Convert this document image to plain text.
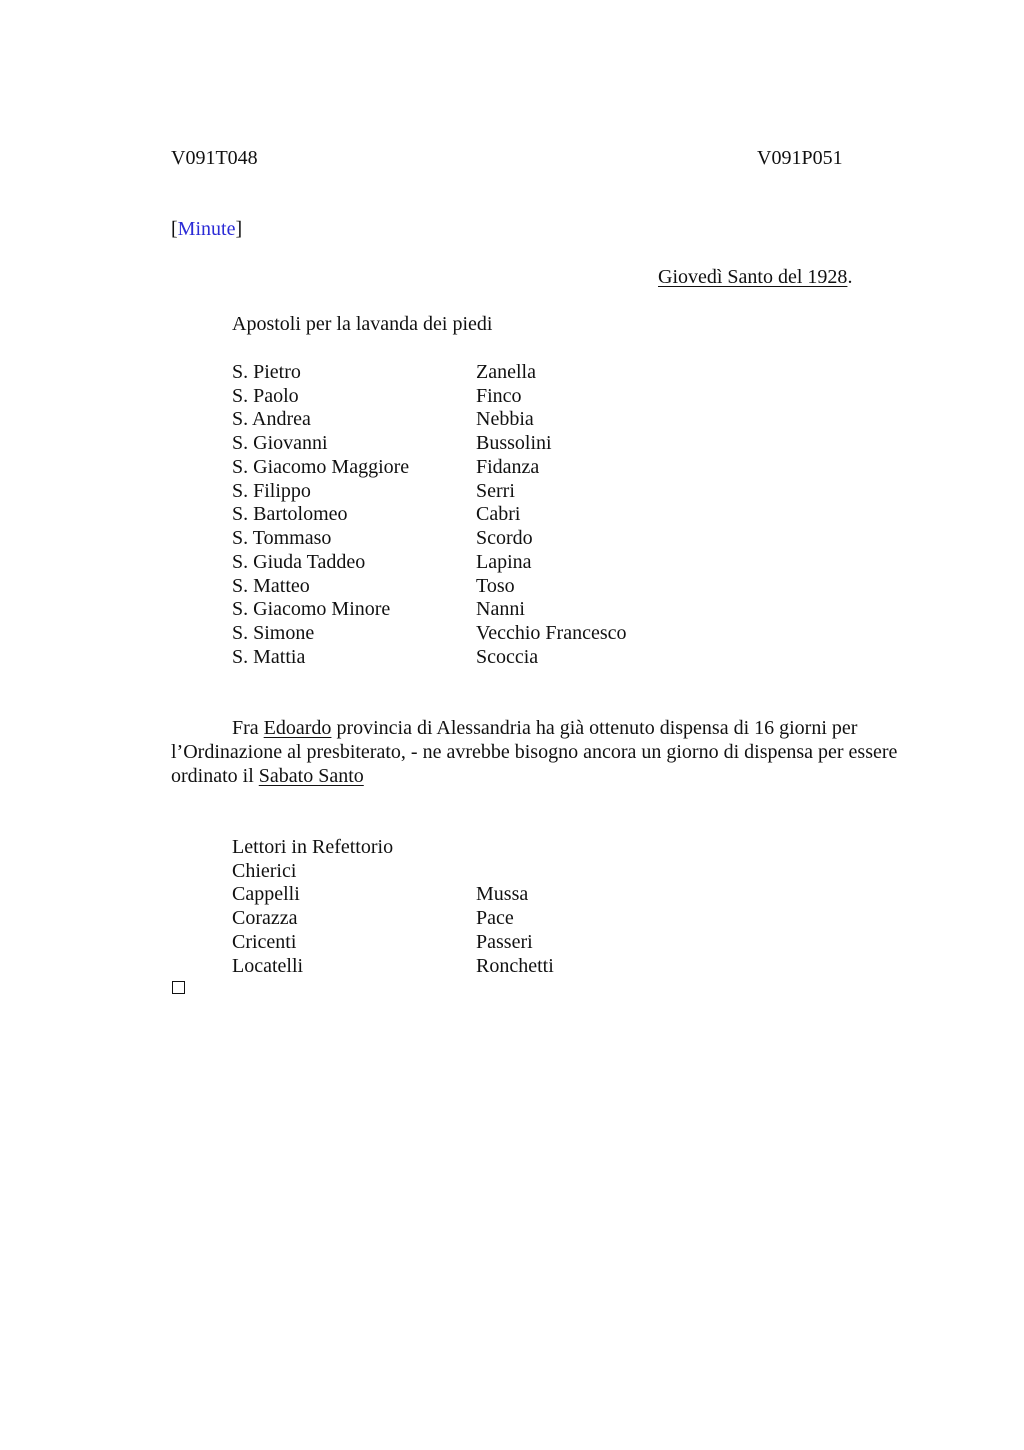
V091T048	V091P051
[Minute]
Giovedì Santo del 1928.
Apostoli per la lavanda dei piedi
S. Pietro	Zanella
S. Paolo	Finco
S. Andrea	Nebbia
S. Giovanni	Bussolini
S. Giacomo Maggiore	Fidanza
S. Filippo	Serri
S. Bartolomeo	Cabri
S. Tommaso	Scordo
S. Giuda Taddeo	Lapina
S. Matteo	Toso
S. Giacomo Minore	Nanni
S. Simone	Vecchio Francesco
S. Mattia	Scoccia
Fra Edoardo provincia di Alessandria ha già ottenuto dispensa di 16 giorni per l’Ordinazione al presbiterato, - ne avrebbe bisogno ancora un giorno di dispensa per essere ordinato il Sabato Santo
Lettori in Refettorio
Chierici
Cappelli	Mussa
Corazza	Pace
Cricenti	Passeri
Locatelli	Ronchetti
